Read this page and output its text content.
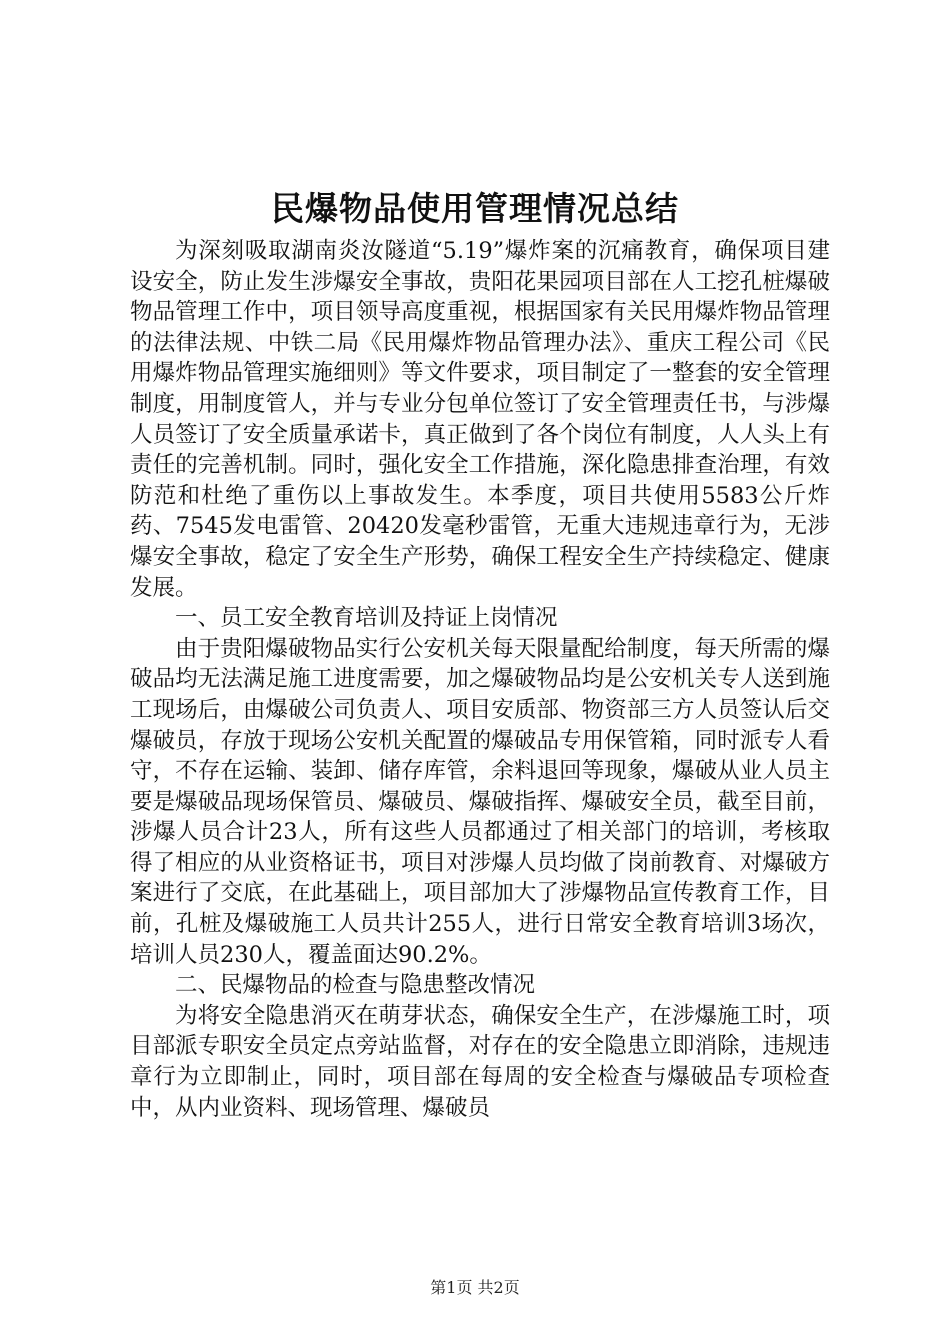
民爆物品使用管理情况总结

为深刻吸取湖南炎汝隧道“5.19”爆炸案的沉痛教育，确保项目建设安全，防止发生涉爆安全事故，贵阳花果园项目部在人工挖孔桩爆破物品管理工作中，项目领导高度重视，根据国家有关民用爆炸物品管理的法律法规、中铁二局《民用爆炸物品管理办法》、重庆工程公司《民用爆炸物品管理实施细则》等文件要求，项目制定了一整套的安全管理制度，用制度管人，并与专业分包单位签订了安全管理责任书，与涉爆人员签订了安全质量承诺卡，真正做到了各个岗位有制度，人人头上有责任的完善机制。同时，强化安全工作措施，深化隐患排查治理，有效防范和杜绝了重伤以上事故发生。本季度，项目共使用5583公斤炸药、7545发电雷管、20420发毫秒雷管，无重大违规违章行为，无涉爆安全事故，稳定了安全生产形势，确保工程安全生产持续稳定、健康发展。

一、员工安全教育培训及持证上岗情况

由于贵阳爆破物品实行公安机关每天限量配给制度，每天所需的爆破品均无法满足施工进度需要，加之爆破物品均是公安机关专人送到施工现场后，由爆破公司负责人、项目安质部、物资部三方人员签认后交爆破员，存放于现场公安机关配置的爆破品专用保管箱，同时派专人看守，不存在运输、装卸、储存库管，余料退回等现象，爆破从业人员主要是爆破品现场保管员、爆破员、爆破指挥、爆破安全员，截至目前，涉爆人员合计23人，所有这些人员都通过了相关部门的培训，考核取得了相应的从业资格证书，项目对涉爆人员均做了岗前教育、对爆破方案进行了交底，在此基础上，项目部加大了涉爆物品宣传教育工作，目前，孔桩及爆破施工人员共计255人，进行日常安全教育培训3场次，培训人员230人，覆盖面达90.2%。

二、民爆物品的检查与隐患整改情况

为将安全隐患消灭在萌芽状态，确保安全生产，在涉爆施工时，项目部派专职安全员定点旁站监督，对存在的安全隐患立即消除，违规违章行为立即制止，同时，项目部在每周的安全检查与爆破品专项检查中，从内业资料、现场管理、爆破员

第1页 共2页
